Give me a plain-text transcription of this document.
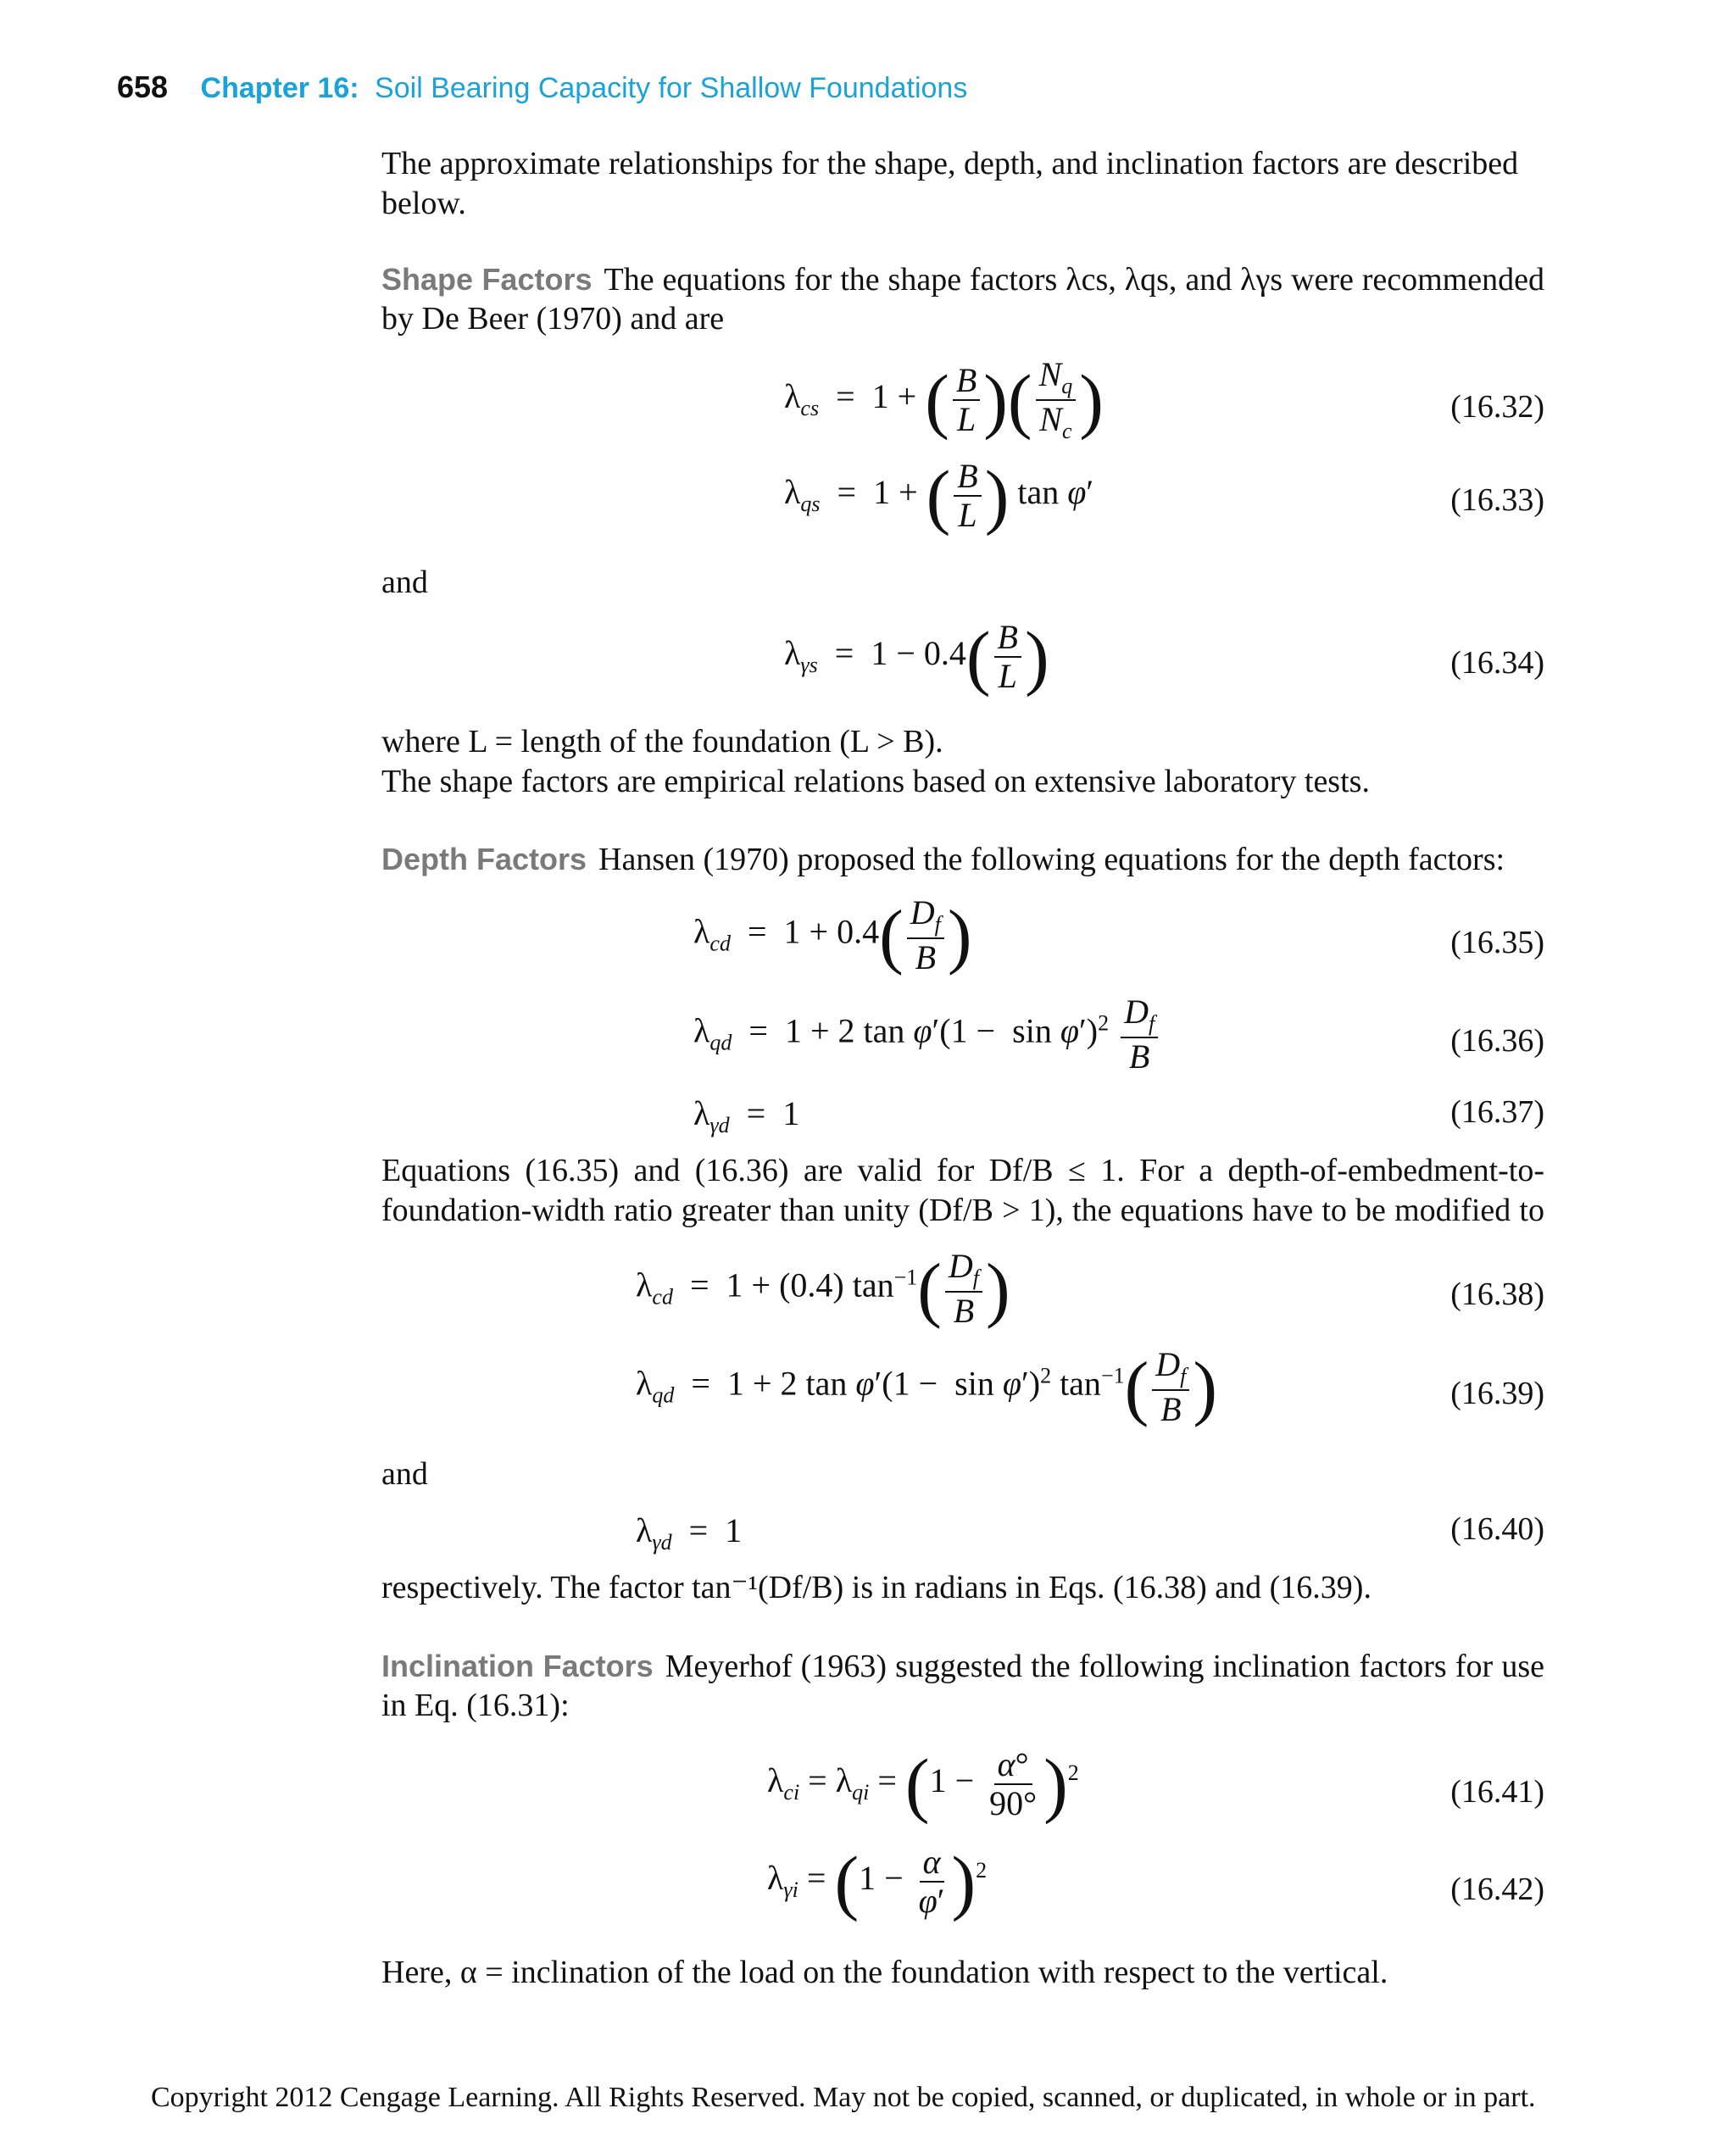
658 Chapter 16: Soil Bearing Capacity for Shallow Foundations
The approximate relationships for the shape, depth, and inclination factors are described below.
Shape Factors The equations for the shape factors λcs, λqs, and λγs were recommended
by De Beer (1970) and are
$\lambda_{cs} = 1$ + ( $\frac{B}{L}$ )( $\frac{N_q}{N_c}$ )	(16.32)
$\lambda_{qs} = 1$ + ( $\frac{B}{L}$ ) tan φ′	(16.33)
and
$\lambda_{\gamma s} = 1 - 0.4( \frac{B}{L}$ )	(16.34)
where L = length of the foundation (L > B).
The shape factors are empirical relations based on extensive laboratory tests.
Depth Factors Hansen (1970) proposed the following equations for the depth factors:
$\lambda_{cd} = 1 + 0.4( \frac{D_f}{B}$ )	(16.35)
$\lambda_{qd} = 1 + 2$ $\tan \varphi'(1 - \sin \varphi')^2 \frac{D_f}{B}$	(16.36)
$\lambda_{\gamma d} = 1$	(16.37)
Equations (16.35) and (16.36) are valid for Df/B ≤ 1. For a depth-of-embedment-to-
foundation-width ratio greater than unity (Df/B > 1), the equations have to be modified to
$\lambda_{cd} = 1 + (0.4)$ $\tan^{-1}( \frac{D_f}{B}$ )	(16.38)
$\lambda_{qd} = 1 + 2$ $\tan \varphi'(1 - \sin \varphi')^2$ $\tan^{-1}( \frac{D_f}{B}$ )	(16.39)
and
$\lambda_{\gamma d} = 1$	(16.40)
respectively. The factor tan⁻¹(Df/B) is in radians in Eqs. (16.38) and (16.39).
Inclination Factors Meyerhof (1963) suggested the following inclination factors for use
in Eq. (16.31):
$\lambda_{ci} = \lambda_{qi} = (1 - \frac{\alpha^\circ}{90^\circ} )^2$
(16.41)
$\lambda_{\gamma i} = (1 - \frac{\alpha}{\varphi'} )^2$
(16.42)
Here, α = inclination of the load on the foundation with respect to the vertical.
Copyright 2012 Cengage Learning. All Rights Reserved. May not be copied, scanned, or duplicated, in whole or in part.
